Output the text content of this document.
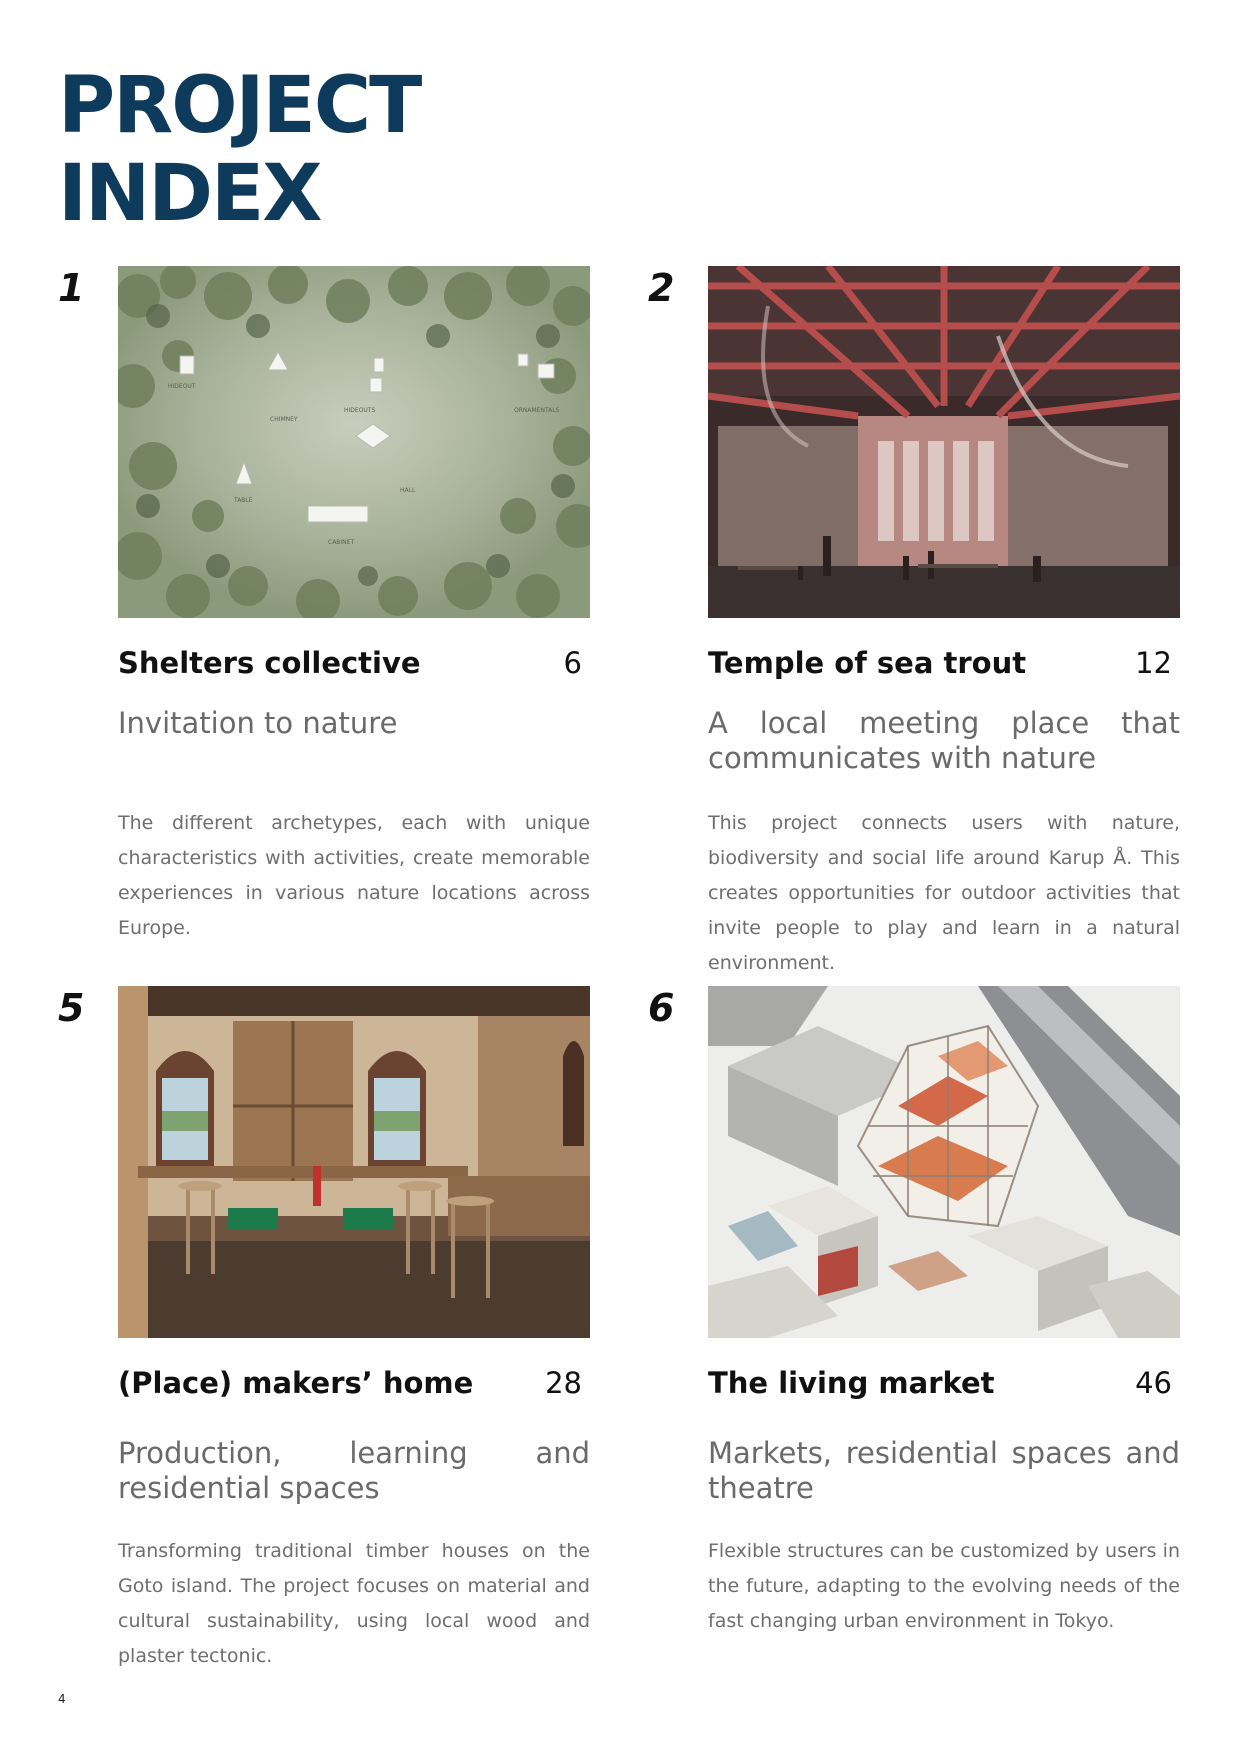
PROJECT
INDEX
1
HIDEOUT
CHIMNEY
HIDEOUTS	ORNAMENTALS
TABLE
HALL
CABINET
Shelters collective	6
Invitation to nature
The different archetypes, each with unique characteristics with activities, create memorable experiences in various nature locations across Europe.
2
Temple of sea trout	12
A local meeting place that communicates with nature
This project connects users with nature, biodiversity and social life around Karup Å. This creates opportunities for outdoor activities that invite people to play and learn in a natural environment.
5
(Place) makers’ home 28
Production, learning and residential spaces
Transforming traditional timber houses on the Goto island. The project focuses on material and cultural sustainability, using local wood and plaster tectonic.
6
The living market	46
Markets, residential spaces and theatre
Flexible structures can be customized by users in the future, adapting to the evolving needs of the fast changing urban environment in Tokyo.
4
